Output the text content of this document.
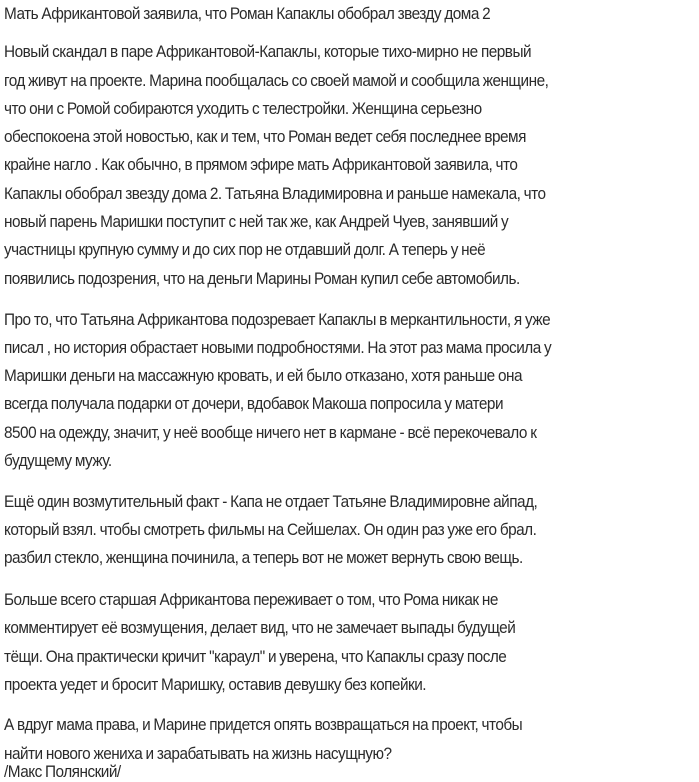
Мать Африкантовой заявила, что Роман Капаклы обобрал звезду дома 2
Новый скандал в паре Африкантовой-Капаклы, которые тихо-мирно не первый
год живут на проекте. Марина пообщалась со своей мамой и сообщила женщине,
что они с Ромой собираются уходить с телестройки. Женщина серьезно
обеспокоена этой новостью, как и тем, что Роман ведет себя последнее время
крайне нагло . Как обычно, в прямом эфире мать Африкантовой заявила, что
Капаклы обобрал звезду дома 2. Татьяна Владимировна и раньше намекала, что
новый парень Маришки поступит с ней так же, как Андрей Чуев, занявший у
участницы крупную сумму и до сих пор не отдавший долг. А теперь у неё
появились подозрения, что на деньги Марины Роман купил себе автомобиль.
Про то, что Татьяна Африкантова подозревает Капаклы в меркантильности, я уже
писал , но история обрастает новыми подробностями. На этот раз мама просила у
Маришки деньги на массажную кровать, и ей было отказано, хотя раньше она
всегда получала подарки от дочери, вдобавок Макоша попросила у матери
8500 на одежду, значит, у неё вообще ничего нет в кармане - всё перекочевало к
будущему мужу.
Ещё один возмутительный факт - Капа не отдает Татьяне Владимировне айпад,
который взял. чтобы смотреть фильмы на Сейшелах. Он один раз уже его брал.
разбил стекло, женщина починила, а теперь вот не может вернуть свою вещь.
Больше всего старшая Африкантова переживает о том, что Рома никак не
комментирует её возмущения, делает вид, что не замечает выпады будущей
тёщи. Она практически кричит "караул" и уверена, что Капаклы сразу после
проекта уедет и бросит Маришку, оставив девушку без копейки.
А вдруг мама права, и Марине придется опять возвращаться на проект, чтобы
найти нового жениха и зарабатывать на жизнь насущную?
/Макс Полянский/
